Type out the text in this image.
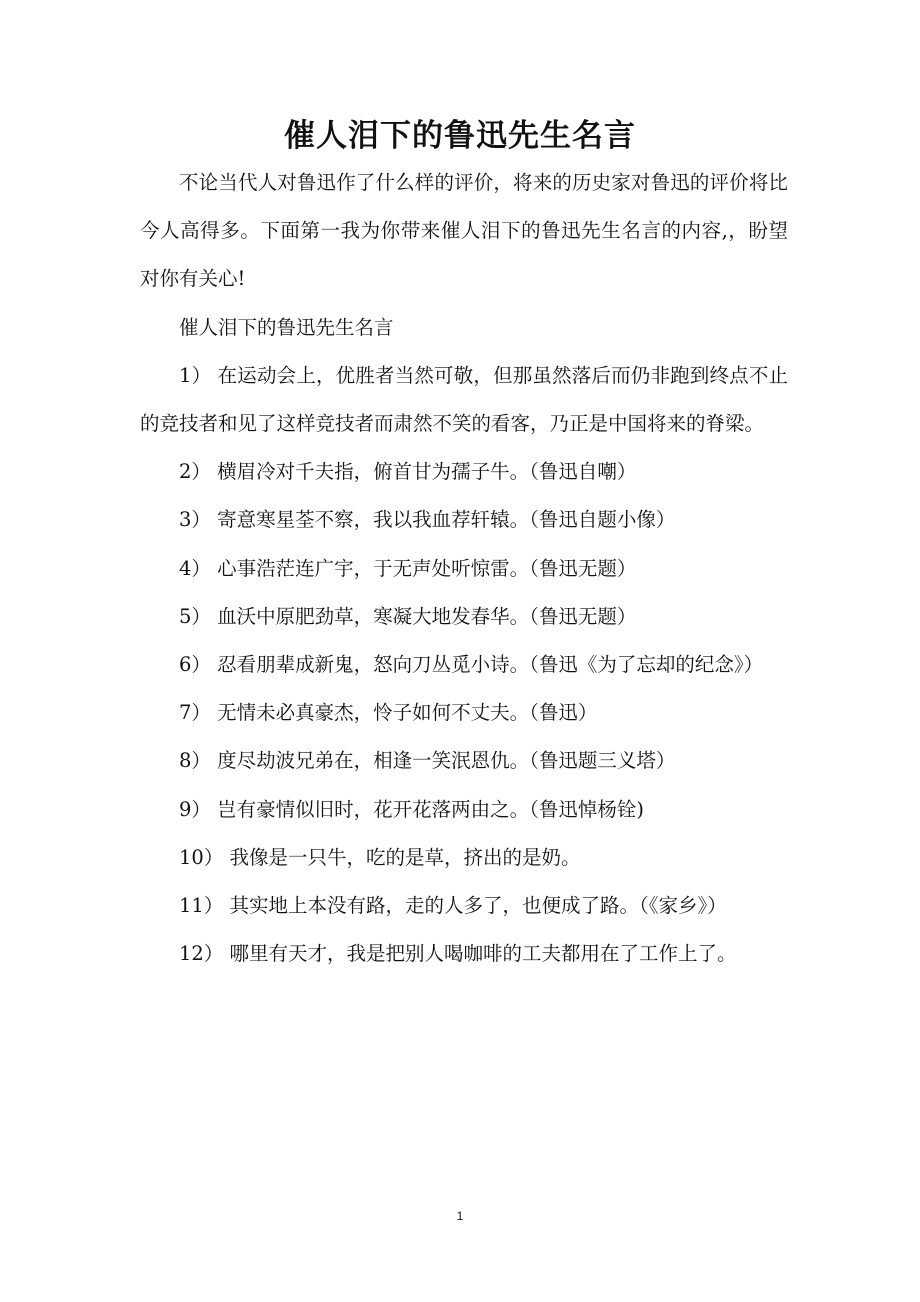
催人泪下的鲁迅先生名言

不论当代人对鲁迅作了什么样的评价，将来的历史家对鲁迅的评价将比今人高得多。下面第一我为你带来催人泪下的鲁迅先生名言的内容,，盼望对你有关心!

催人泪下的鲁迅先生名言

1） 在运动会上，优胜者当然可敬，但那虽然落后而仍非跑到终点不止的竞技者和见了这样竞技者而肃然不笑的看客，乃正是中国将来的脊梁。

2） 横眉冷对千夫指，俯首甘为孺子牛。（鲁迅自嘲）

3） 寄意寒星荃不察，我以我血荐轩辕。（鲁迅自题小像）

4） 心事浩茫连广宇，于无声处听惊雷。（鲁迅无题）

5） 血沃中原肥劲草，寒凝大地发春华。（鲁迅无题）

6） 忍看朋辈成新鬼，怒向刀丛觅小诗。（鲁迅《为了忘却的纪念》）

7） 无情未必真豪杰，怜子如何不丈夫。（鲁迅）

8） 度尽劫波兄弟在，相逢一笑泯恩仇。（鲁迅题三义塔）

9） 岂有豪情似旧时，花开花落两由之。（鲁迅悼杨铨)

10） 我像是一只牛，吃的是草，挤出的是奶。

11） 其实地上本没有路，走的人多了，也便成了路。（《家乡》）

12） 哪里有天才，我是把别人喝咖啡的工夫都用在了工作上了。

1
